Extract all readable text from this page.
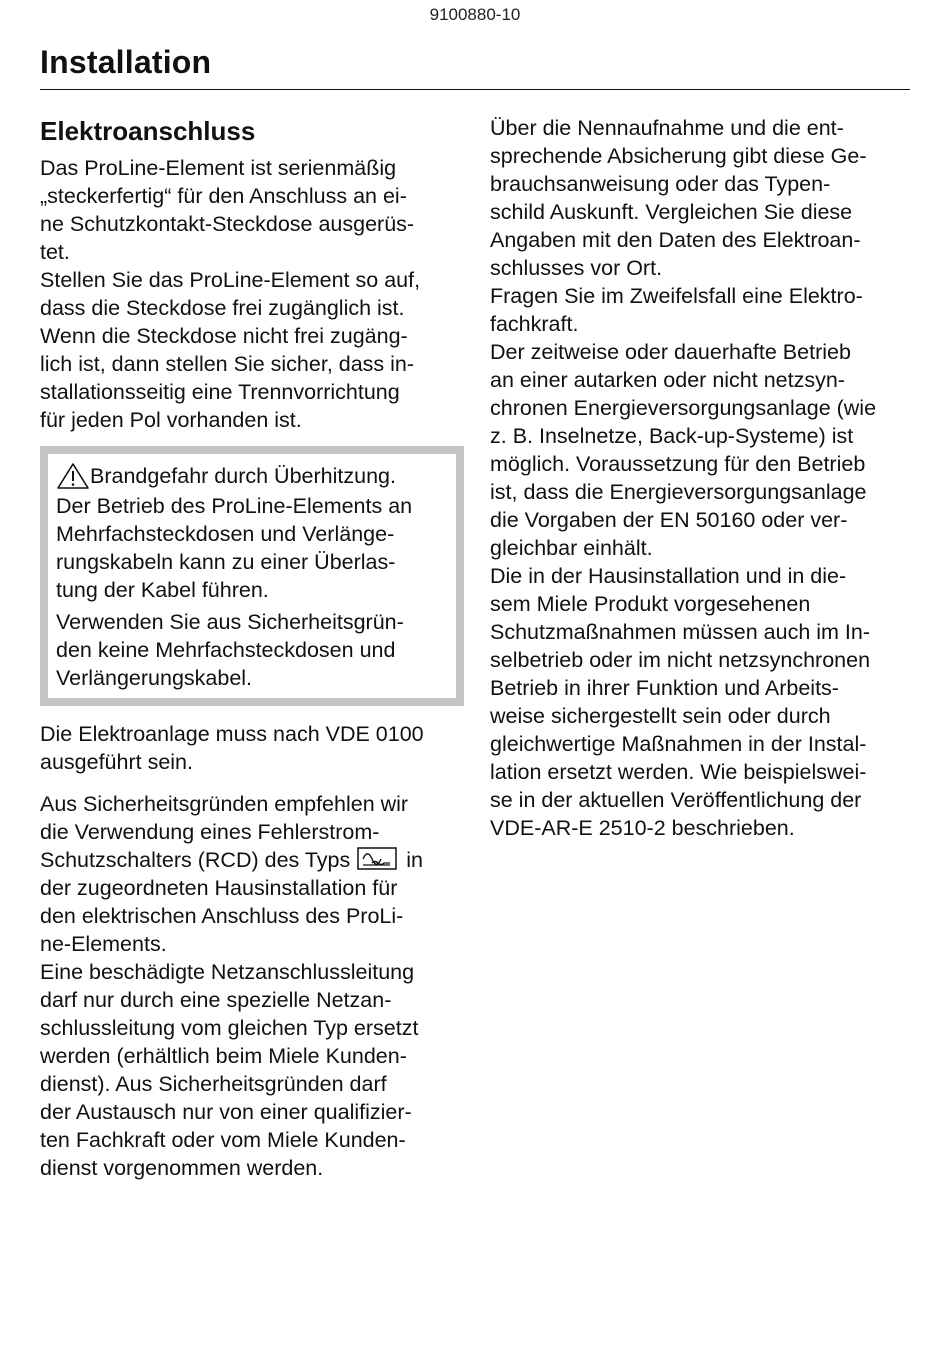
9100880-10
Installation
Elektroanschluss

Das ProLine-Element ist serienmäßig
„steckerfertig“ für den Anschluss an ei-
ne Schutzkontakt-Steckdose ausgerüs-
tet.

Stellen Sie das ProLine-Element so auf,
dass die Steckdose frei zugänglich ist.
Wenn die Steckdose nicht frei zugäng-
lich ist, dann stellen Sie sicher, dass in-
stallationsseitig eine Trennvorrichtung
für jeden Pol vorhanden ist.

Brandgefahr durch Überhitzung.

Der Betrieb des ProLine-Elements an
Mehrfachsteckdosen und Verlänge-
rungskabeln kann zu einer Überlas-
tung der Kabel führen.

Verwenden Sie aus Sicherheitsgrün-
den keine Mehrfachsteckdosen und
Verlängerungskabel.

Die Elektroanlage muss nach VDE 0100
ausgeführt sein.

Aus Sicherheitsgründen empfehlen wir
die Verwendung eines Fehlerstrom-

Schutzschalters (RCD) des Typs in

der zugeordneten Hausinstallation für
den elektrischen Anschluss des ProLi-
ne-Elements.

Eine beschädigte Netzanschlussleitung
darf nur durch eine spezielle Netzan-
schlussleitung vom gleichen Typ ersetzt
werden (erhältlich beim Miele Kunden-
dienst). Aus Sicherheitsgründen darf
der Austausch nur von einer qualifizier-
ten Fachkraft oder vom Miele Kunden-
dienst vorgenommen werden.

Über die Nennaufnahme und die ent-
sprechende Absicherung gibt diese Ge-
brauchsanweisung oder das Typen-
schild Auskunft. Vergleichen Sie diese
Angaben mit den Daten des Elektroan-
schlusses vor Ort.
Fragen Sie im Zweifelsfall eine Elektro-
fachkraft.

Der zeitweise oder dauerhafte Betrieb
an einer autarken oder nicht netzsyn-
chronen Energieversorgungsanlage (wie
z. B. Inselnetze, Back-up-Systeme) ist
möglich. Voraussetzung für den Betrieb
ist, dass die Energieversorgungsanlage
die Vorgaben der EN 50160 oder ver-
gleichbar einhält.
Die in der Hausinstallation und in die-
sem Miele Produkt vorgesehenen
Schutzmaßnahmen müssen auch im In-
selbetrieb oder im nicht netzsynchronen
Betrieb in ihrer Funktion und Arbeits-
weise sichergestellt sein oder durch
gleichwertige Maßnahmen in der Instal-
lation ersetzt werden. Wie beispielswei-
se in der aktuellen Veröffentlichung der
VDE-AR-E 2510-2 beschrieben.
